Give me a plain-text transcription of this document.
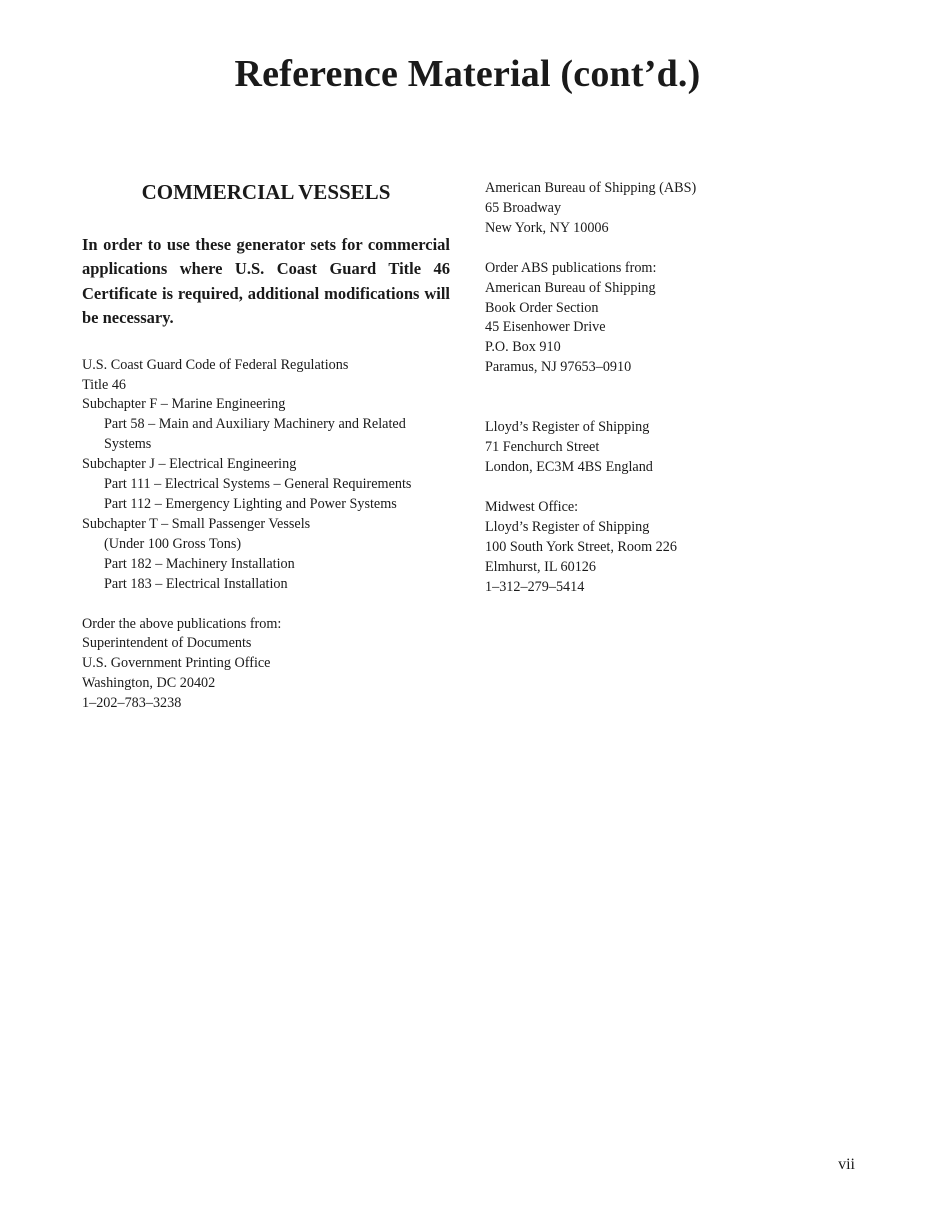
Reference Material (cont’d.)
COMMERCIAL VESSELS

In order to use these generator sets for commercial applications where U.S. Coast Guard Title 46 Certificate is required, additional modifications will be necessary.

U.S. Coast Guard Code of Federal Regulations
Title 46
Subchapter F – Marine Engineering
Part 58 – Main and Auxiliary Machinery and Related
Systems
Subchapter J – Electrical Engineering
Part 111 – Electrical Systems – General Requirements
Part 112 – Emergency Lighting and Power Systems
Subchapter T – Small Passenger Vessels
(Under 100 Gross Tons)
Part 182 – Machinery Installation
Part 183 – Electrical Installation
Order the above publications from:
Superintendent of Documents
U.S. Government Printing Office
Washington, DC 20402
1–202–783–3238
American Bureau of Shipping (ABS)
65 Broadway
New York, NY 10006
Order ABS publications from:
American Bureau of Shipping
Book Order Section
45 Eisenhower Drive
P.O. Box 910
Paramus, NJ 97653–0910
Lloyd’s Register of Shipping
71 Fenchurch Street
London, EC3M 4BS England
Midwest Office:
Lloyd’s Register of Shipping
100 South York Street, Room 226
Elmhurst, IL 60126
1–312–279–5414
vii
